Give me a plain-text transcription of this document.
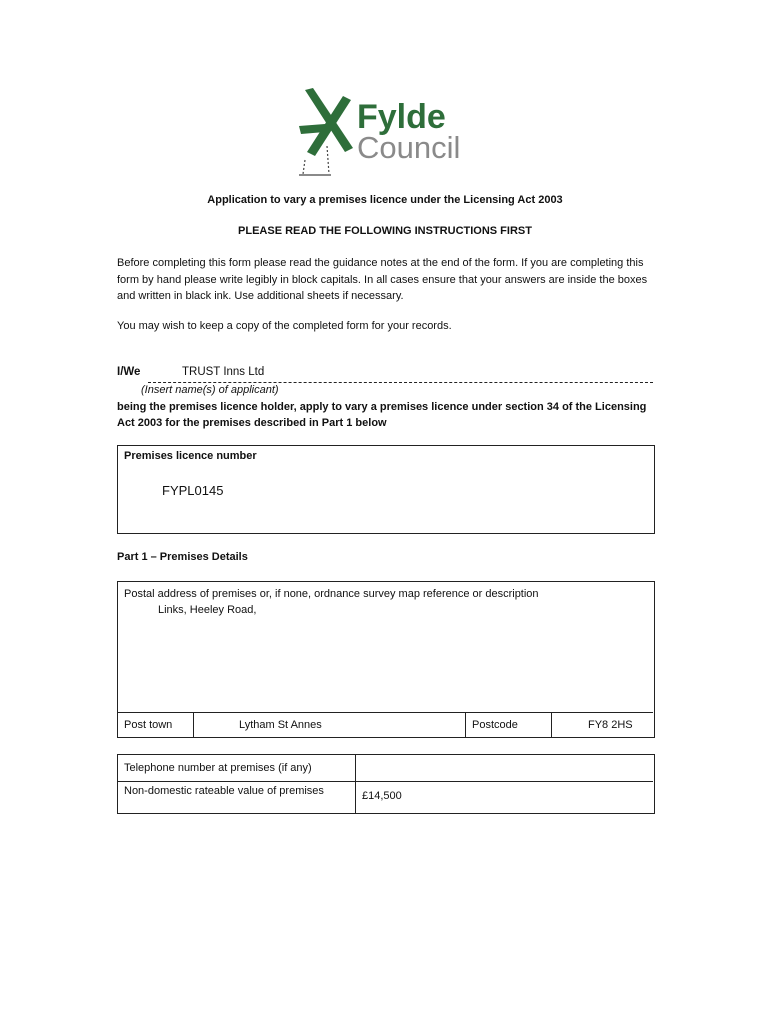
Fylde
Council
Application to vary a premises licence under the Licensing Act 2003
PLEASE READ THE FOLLOWING INSTRUCTIONS FIRST
Before completing this form please read the guidance notes at the end of the form. If you are completing this form by hand please write legibly in block capitals. In all cases ensure that your answers are inside the boxes and written in black ink. Use additional sheets if necessary.
You may wish to keep a copy of the completed form for your records.
I/We	TRUST Inns Ltd
(Insert name(s) of applicant)
being the premises licence holder, apply to vary a premises licence under section 34 of the Licensing Act 2003 for the premises described in Part 1 below
Premises licence number
FYPL0145
Part 1 – Premises Details
Postal address of premises or, if none, ordnance survey map reference or description
Links, Heeley Road,
Post town	Lytham St Annes	Postcode	FY8 2HS
Telephone number at premises (if any)
Non-domestic rateable value of premises	£14,500
